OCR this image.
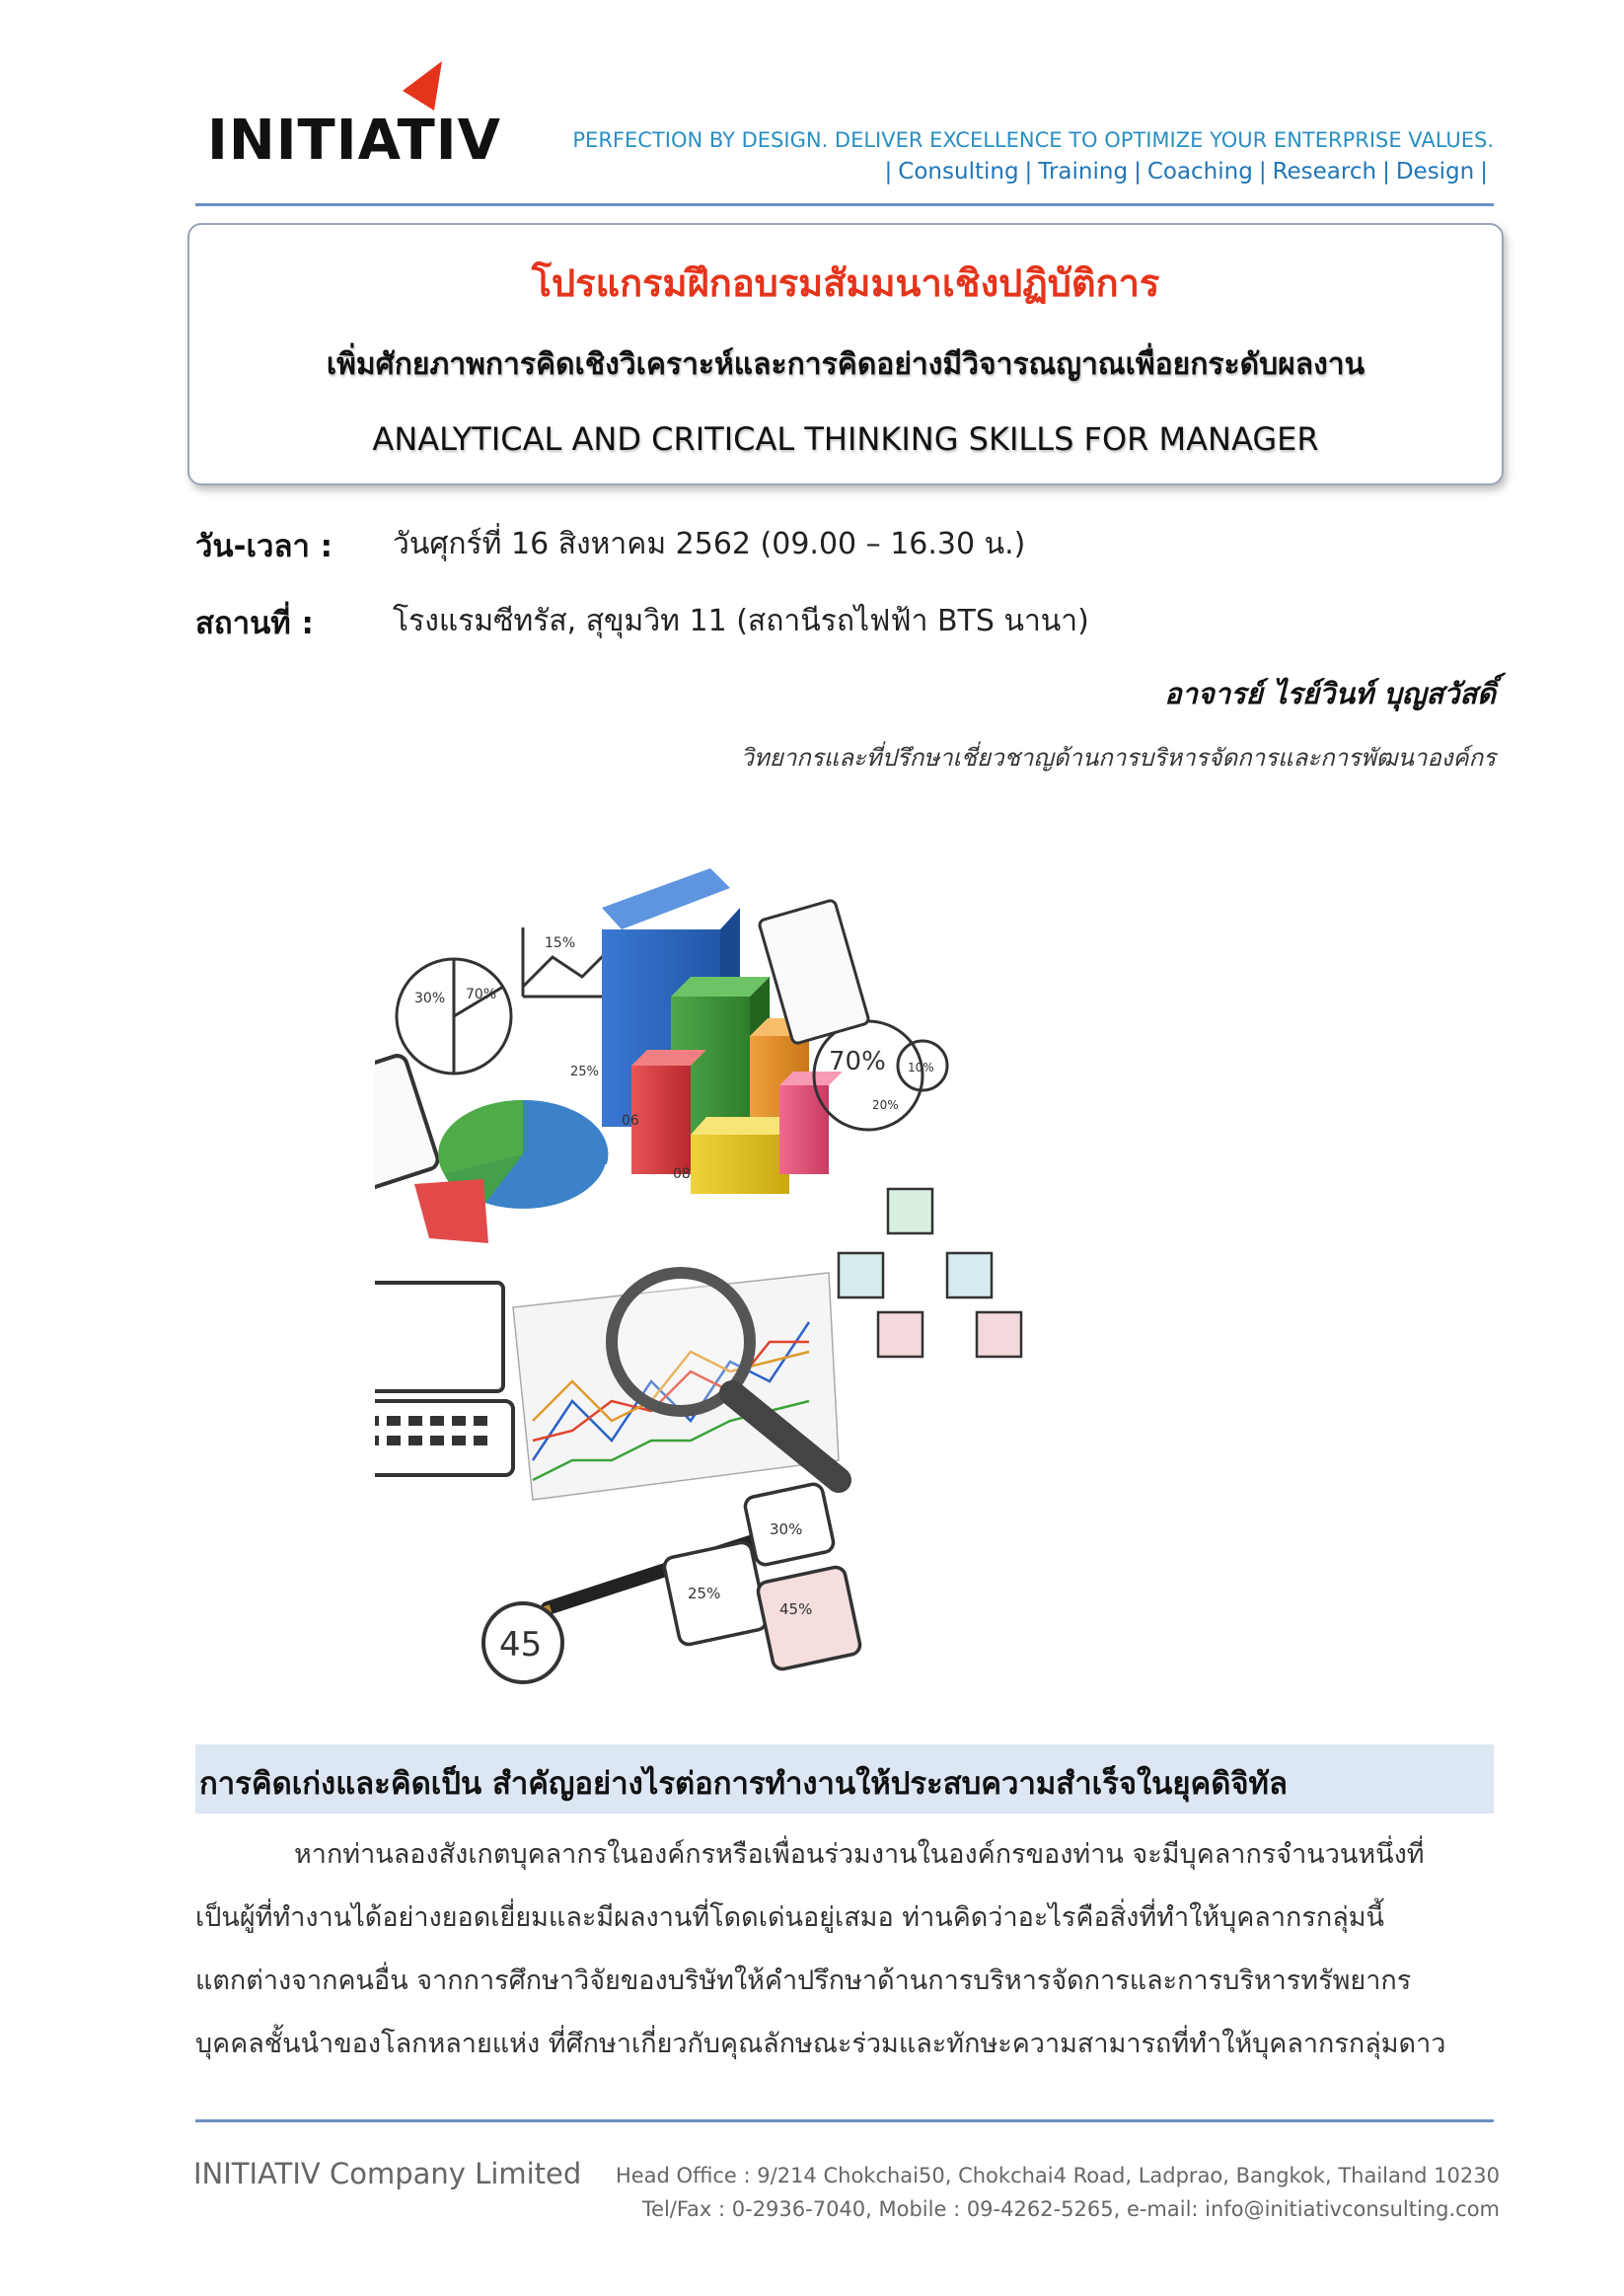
INITIATIV	PERFECTION BY DESIGN. DELIVER EXCELLENCE TO OPTIMIZE YOUR ENTERPRISE VALUES.
| Consulting | Training | Coaching | Research | Design |
โปรแกรมฝึกอบรมสัมมนาเชิงปฏิบัติการ
เพิ่มศักยภาพการคิดเชิงวิเคราะห์และการคิดอย่างมีวิจารณญาณเพื่อยกระดับผลงาน
ANALYTICAL AND CRITICAL THINKING SKILLS FOR MANAGER
วัน-เวลา : วันศุกร์ที่ 16 สิงหาคม 2562 (09.00 – 16.30 น.)
สถานที่ :	โรงแรมซีทรัส, สุขุมวิท 11 (สถานีรถไฟฟ้า BTS นานา)
อาจารย์ ไรย์วินท์ บุญสวัสดิ์
วิทยากรและที่ปรึกษาเชี่ยวชาญด้านการบริหารจัดการและการพัฒนาองค์กร
30% 70%
15%
06
08
25%	70% 10%
20%
45
30%
25%
45%
การคิดเก่งและคิดเป็น สำคัญอย่างไรต่อการทำงานให้ประสบความสำเร็จในยุคดิจิทัล

หากท่านลองสังเกตบุคลากรในองค์กรหรือเพื่อนร่วมงานในองค์กรของท่าน จะมีบุคลากรจำนวนหนึ่งที่

เป็นผู้ที่ทำงานได้อย่างยอดเยี่ยมและมีผลงานที่โดดเด่นอยู่เสมอ ท่านคิดว่าอะไรคือสิ่งที่ทำให้บุคลากรกลุ่มนี้

แตกต่างจากคนอื่น จากการศึกษาวิจัยของบริษัทให้คำปรึกษาด้านการบริหารจัดการและการบริหารทรัพยากร

บุคคลชั้นนำของโลกหลายแห่ง ที่ศึกษาเกี่ยวกับคุณลักษณะร่วมและทักษะความสามารถที่ทำให้บุคลากรกลุ่มดาว

INITIATIV Company Limited Head Office : 9/214 Chokchai50, Chokchai4 Road, Ladprao, Bangkok, Thailand 10230
Tel/Fax : 0-2936-7040, Mobile : 09-4262-5265, e-mail: info@initiativconsulting.com
